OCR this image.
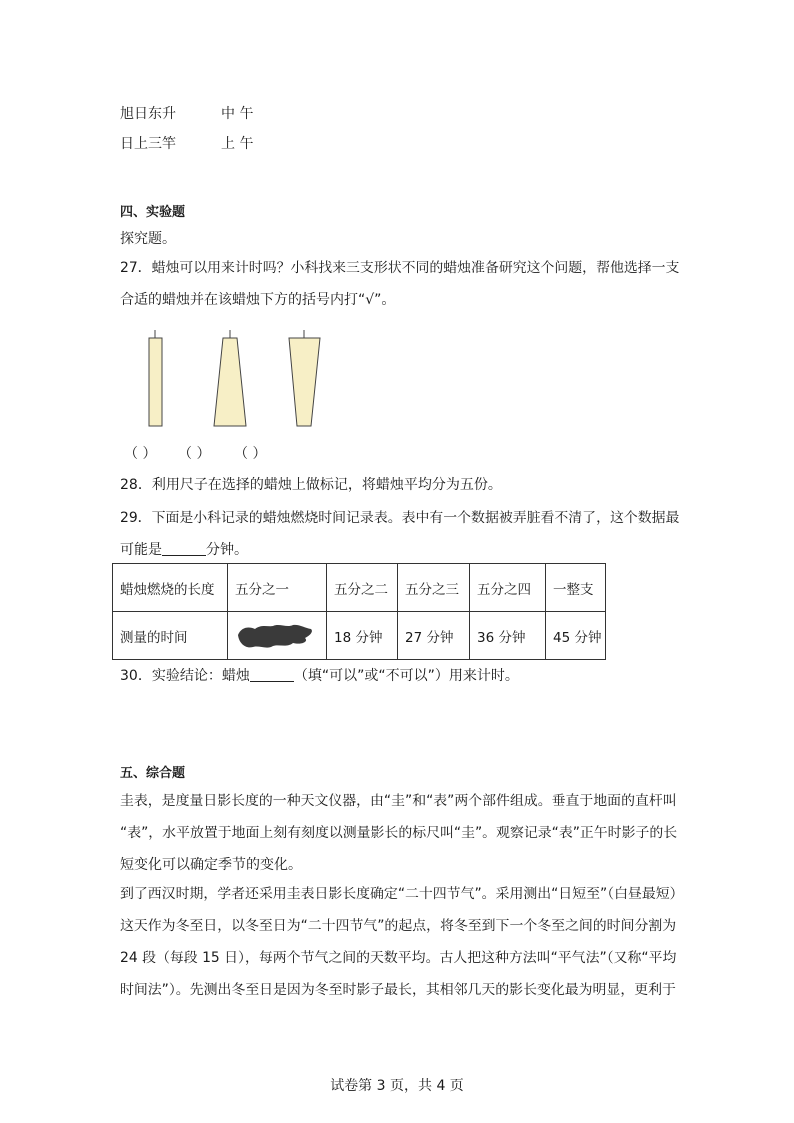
旭日东升	中 午
日上三竿	上 午
四、实验题
探究题。
27．蜡烛可以用来计时吗？小科找来三支形状不同的蜡烛准备研究这个问题，帮他选择一支
合适的蜡烛并在该蜡烛下方的括号内打“√”。
（ ） （ ） （ ）
28．利用尺子在选择的蜡烛上做标记，将蜡烛平均分为五份。
29．下面是小科记录的蜡烛燃烧时间记录表。表中有一个数据被弄脏看不清了，这个数据最
可能是	分钟。
蜡烛燃烧的长度	五分之一	五分之二	五分之三	五分之四	一整支
测量的时间		18 分钟	27 分钟	36 分钟	45 分钟
30．实验结论：蜡烛	（填“可以”或“不可以”）用来计时。
五、综合题
圭表，是度量日影长度的一种天文仪器，由“圭”和“表”两个部件组成。垂直于地面的直杆叫
“表”，水平放置于地面上刻有刻度以测量影长的标尺叫“圭”。观察记录“表”正午时影子的长
短变化可以确定季节的变化。
到了西汉时期，学者还采用圭表日影长度确定“二十四节气”。采用测出“日短至”（白昼最短）
这天作为冬至日，以冬至日为“二十四节气”的起点，将冬至到下一个冬至之间的时间分割为
24 段（每段 15 日），每两个节气之间的天数平均。古人把这种方法叫“平气法”（又称“平均
时间法”）。先测出冬至日是因为冬至时影子最长，其相邻几天的影长变化最为明显，更利于
试卷第 3 页，共 4 页
